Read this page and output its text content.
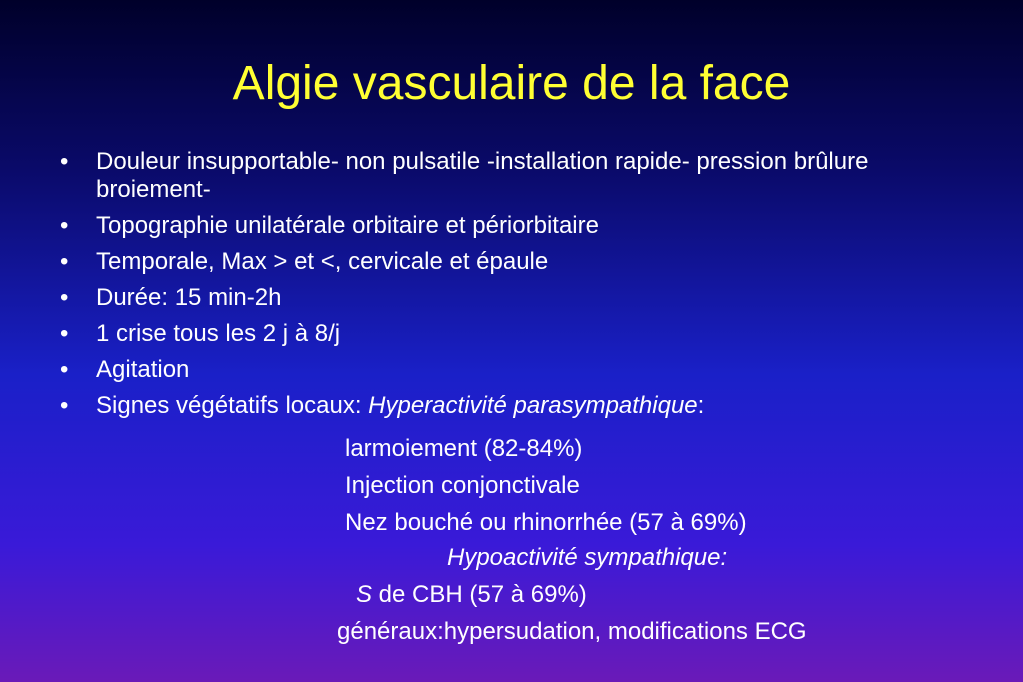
Algie vasculaire de la face
• Douleur insupportable- non pulsatile -installation rapide- pression brûlure broiement-
• Topographie unilatérale orbitaire et périorbitaire
• Temporale, Max > et <, cervicale et épaule
• Durée: 15 min-2h
• 1 crise tous les 2 j à 8/j
• Agitation
• Signes végétatifs locaux: Hyperactivité parasympathique:
larmoiement (82-84%)
Injection conjonctivale
Nez bouché ou rhinorrhée (57 à 69%)
Hypoactivité sympathique:
S de CBH (57 à 69%)
généraux:hypersudation, modifications ECG
